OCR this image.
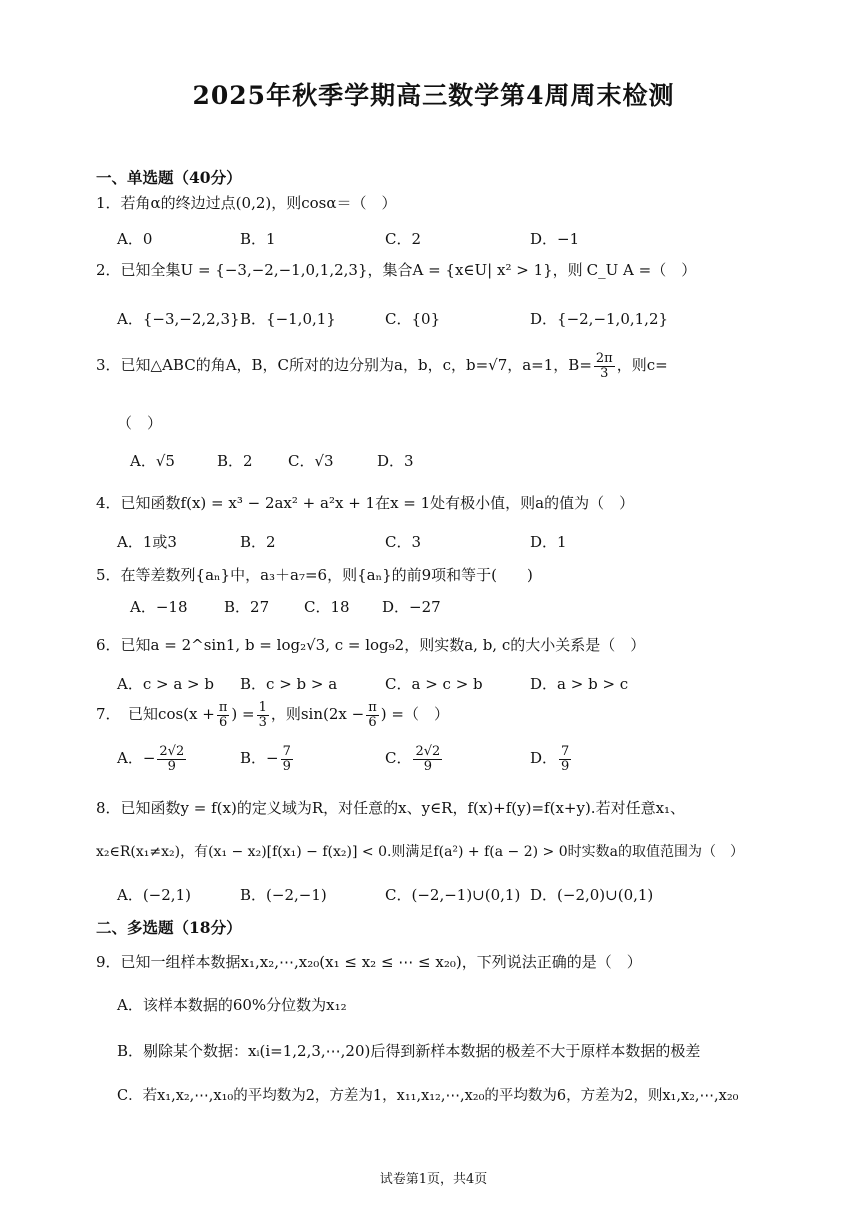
2025年秋季学期高三数学第4周周末检测
一、单选题（40分）
1．若角α的终边过点(0,2)，则cosα＝（　）
A．0	B．1	C．2	D．−1
2．已知全集U = {−3,−2,−1,0,1,2,3}，集合A = {x∈U| x² > 1}，则 C_U A =（　）
A．{−3,−2,2,3} B．{−1,0,1}	C．{0}	D．{−2,−1,0,1,2}
3．已知△ABC的角A，B，C所对的边分别为a，b，c，b=√7，a=1，$B= \frac{2\pi}{3}$ ，则c=
（　）
A．√5	B．2 C．√3	D．3
4．已知函数f(x) = x³ − 2ax² + a²x + 1在x = 1处有极小值，则a的值为（　）
A．1或3	B．2	C．3	D．1
5．在等差数列{aₙ}中，a₃＋a₇=6，则{aₙ}的前9项和等于(　　)
A．−18 B．27 C．18 D．−27
6．已知a = 2^sin1, b = log₂√3, c = log₉2，则实数a, b, c的大小关系是（　）
A．c > a > b B．c > b > a	C．a > c > b	D．a > b > c
7．　已知$\cos(x + \frac{\pi}{6}$ ) = $\frac{1}{3}$ ，则$\sin(2x - \frac{\pi}{6}$ ) =（　）
A．− $\frac{2√2}{9}$	B．− $\frac{7}{9}$	C． $\frac{2√2}{9}$	D． $\frac{7}{9}$
8．已知函数y = f(x)的定义域为R，对任意的x、y∈R，f(x)+f(y)=f(x+y).若对任意x₁、
x₂∈R(x₁≠x₂)，有(x₁ − x₂)[f(x₁) − f(x₂)] < 0.则满足f(a²) + f(a − 2) > 0时实数a的取值范围为（　）
A．(−2,1)	B．(−2,−1)	C．(−2,−1)∪(0,1) D．(−2,0)∪(0,1)
二、多选题（18分）
9．已知一组样本数据x₁,x₂,⋯,x₂₀(x₁ ≤ x₂ ≤ ⋯ ≤ x₂₀)，下列说法正确的是（　）
A．该样本数据的60%分位数为x₁₂
B．剔除某个数据：xᵢ(i=1,2,3,⋯,20)后得到新样本数据的极差不大于原样本数据的极差
C．若x₁,x₂,⋯,x₁₀的平均数为2，方差为1，x₁₁,x₁₂,⋯,x₂₀的平均数为6，方差为2，则x₁,x₂,⋯,x₂₀
试卷第1页，共4页
